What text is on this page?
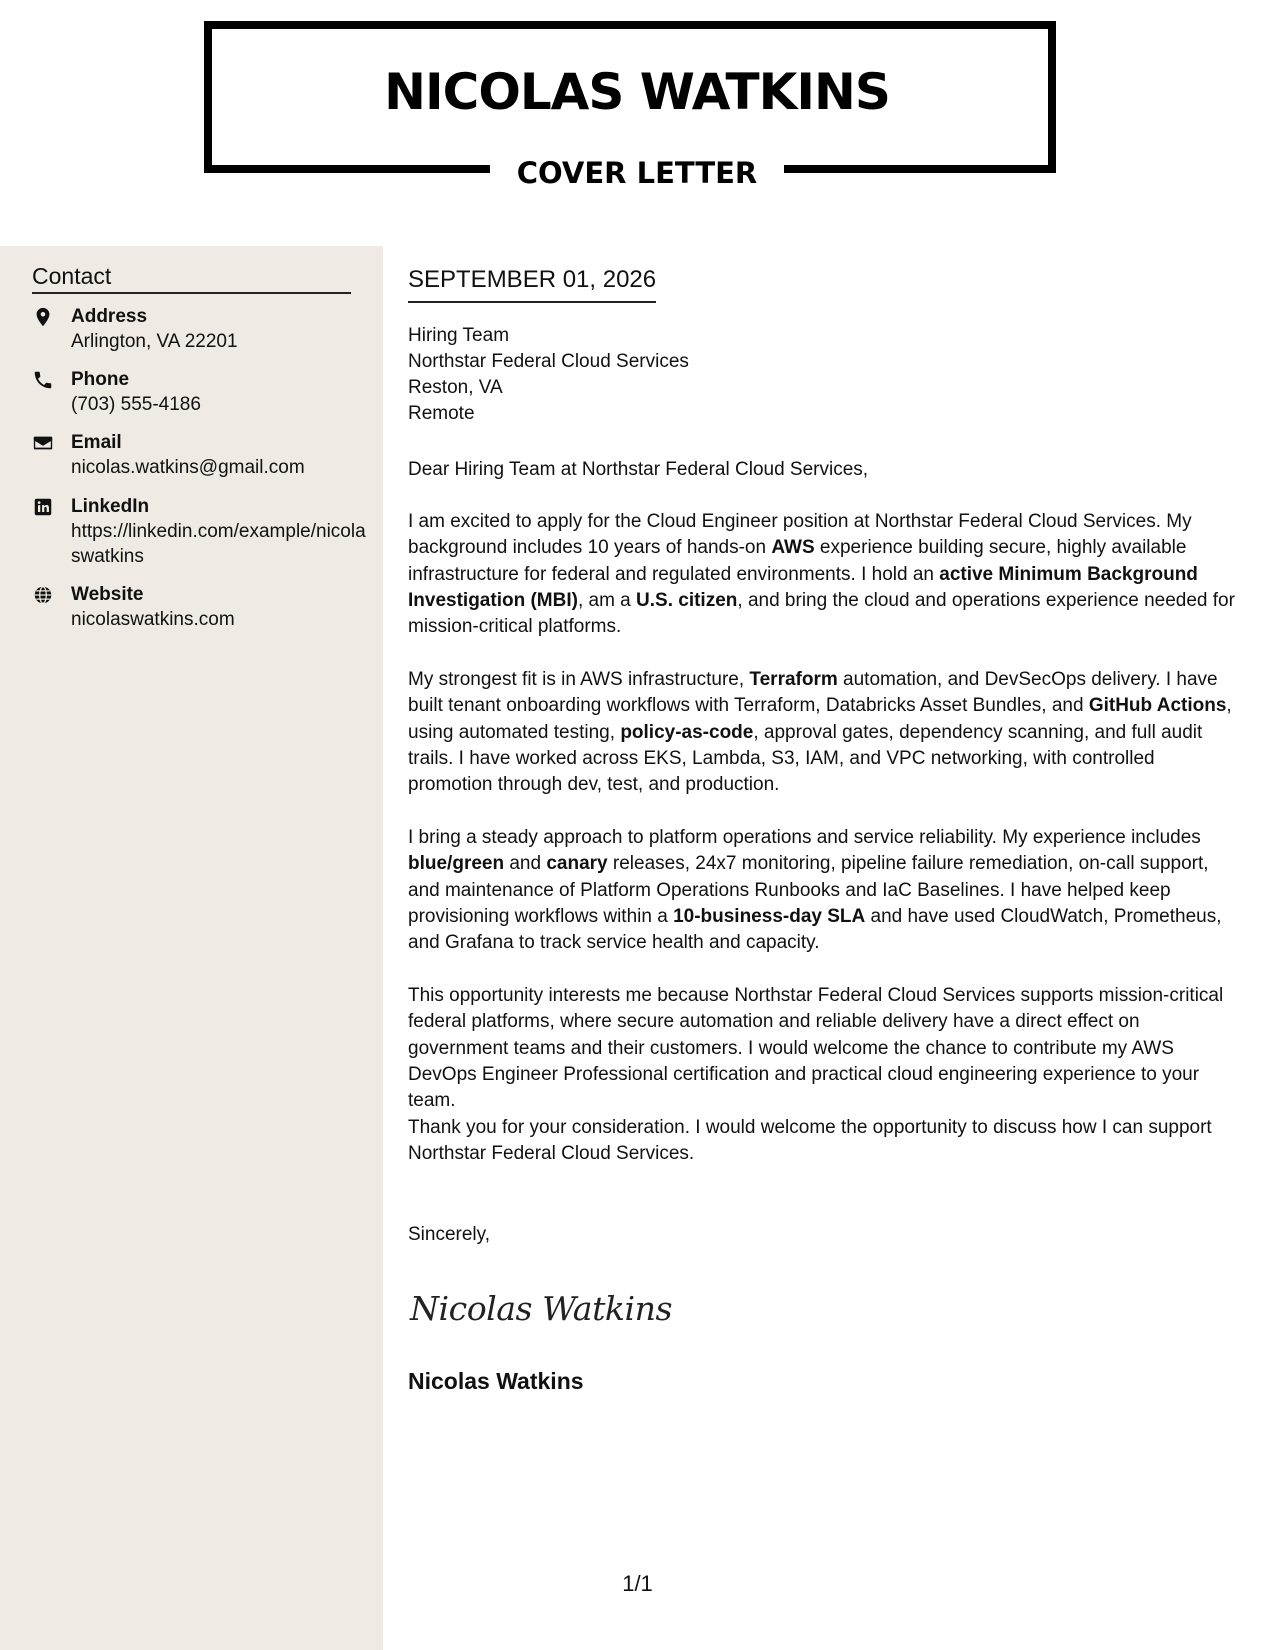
NICOLAS WATKINS
COVER LETTER
Contact
Address
Arlington, VA 22201
Phone
(703) 555-4186
Email
nicolas.watkins@gmail.com
LinkedIn
https://linkedin.com/example/nicolaswatkins
Website
nicolaswatkins.com
SEPTEMBER 01, 2026
Hiring Team
Northstar Federal Cloud Services
Reston, VA
Remote
Dear Hiring Team at Northstar Federal Cloud Services,

I am excited to apply for the Cloud Engineer position at Northstar Federal Cloud Services. My background includes 10 years of hands-on AWS experience building secure, highly available infrastructure for federal and regulated environments. I hold an active Minimum Background Investigation (MBI), am a U.S. citizen, and bring the cloud and operations experience needed for mission-critical platforms.

My strongest fit is in AWS infrastructure, Terraform automation, and DevSecOps delivery. I have built tenant onboarding workflows with Terraform, Databricks Asset Bundles, and GitHub Actions, using automated testing, policy-as-code, approval gates, dependency scanning, and full audit trails. I have worked across EKS, Lambda, S3, IAM, and VPC networking, with controlled promotion through dev, test, and production.

I bring a steady approach to platform operations and service reliability. My experience includes blue/green and canary releases, 24x7 monitoring, pipeline failure remediation, on-call support, and maintenance of Platform Operations Runbooks and IaC Baselines. I have helped keep provisioning workflows within a 10-business-day SLA and have used CloudWatch, Prometheus, and Grafana to track service health and capacity.

This opportunity interests me because Northstar Federal Cloud Services supports mission-critical federal platforms, where secure automation and reliable delivery have a direct effect on government teams and their customers. I would welcome the chance to contribute my AWS DevOps Engineer Professional certification and practical cloud engineering experience to your team.

Thank you for your consideration. I would welcome the opportunity to discuss how I can support Northstar Federal Cloud Services.

Sincerely,
Nicolas Watkins
Nicolas Watkins
1/1
